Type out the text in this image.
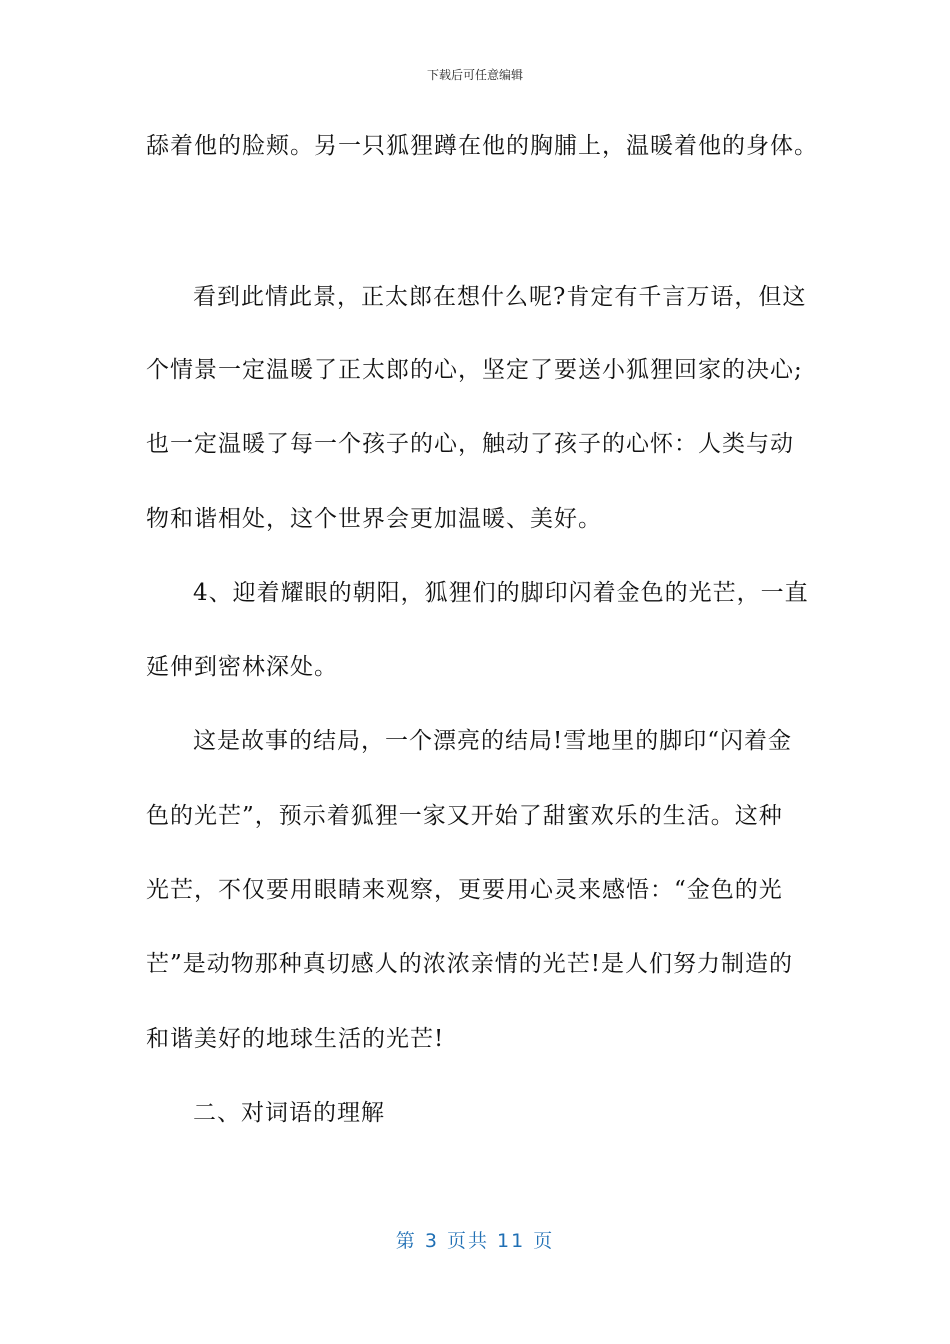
下载后可任意编辑
舔着他的脸颊。另一只狐狸蹲在他的胸脯上，温暖着他的身体。
看到此情此景，正太郎在想什么呢?肯定有千言万语，但这
个情景一定温暖了正太郎的心，坚定了要送小狐狸回家的决心;
也一定温暖了每一个孩子的心，触动了孩子的心怀：人类与动
物和谐相处，这个世界会更加温暖、美好。
4、迎着耀眼的朝阳，狐狸们的脚印闪着金色的光芒，一直
延伸到密林深处。
这是故事的结局，一个漂亮的结局!雪地里的脚印“闪着金
色的光芒”，预示着狐狸一家又开始了甜蜜欢乐的生活。这种
光芒，不仅要用眼睛来观察，更要用心灵来感悟：“金色的光
芒”是动物那种真切感人的浓浓亲情的光芒!是人们努力制造的
和谐美好的地球生活的光芒!
二、对词语的理解
第 3 页共 11 页
